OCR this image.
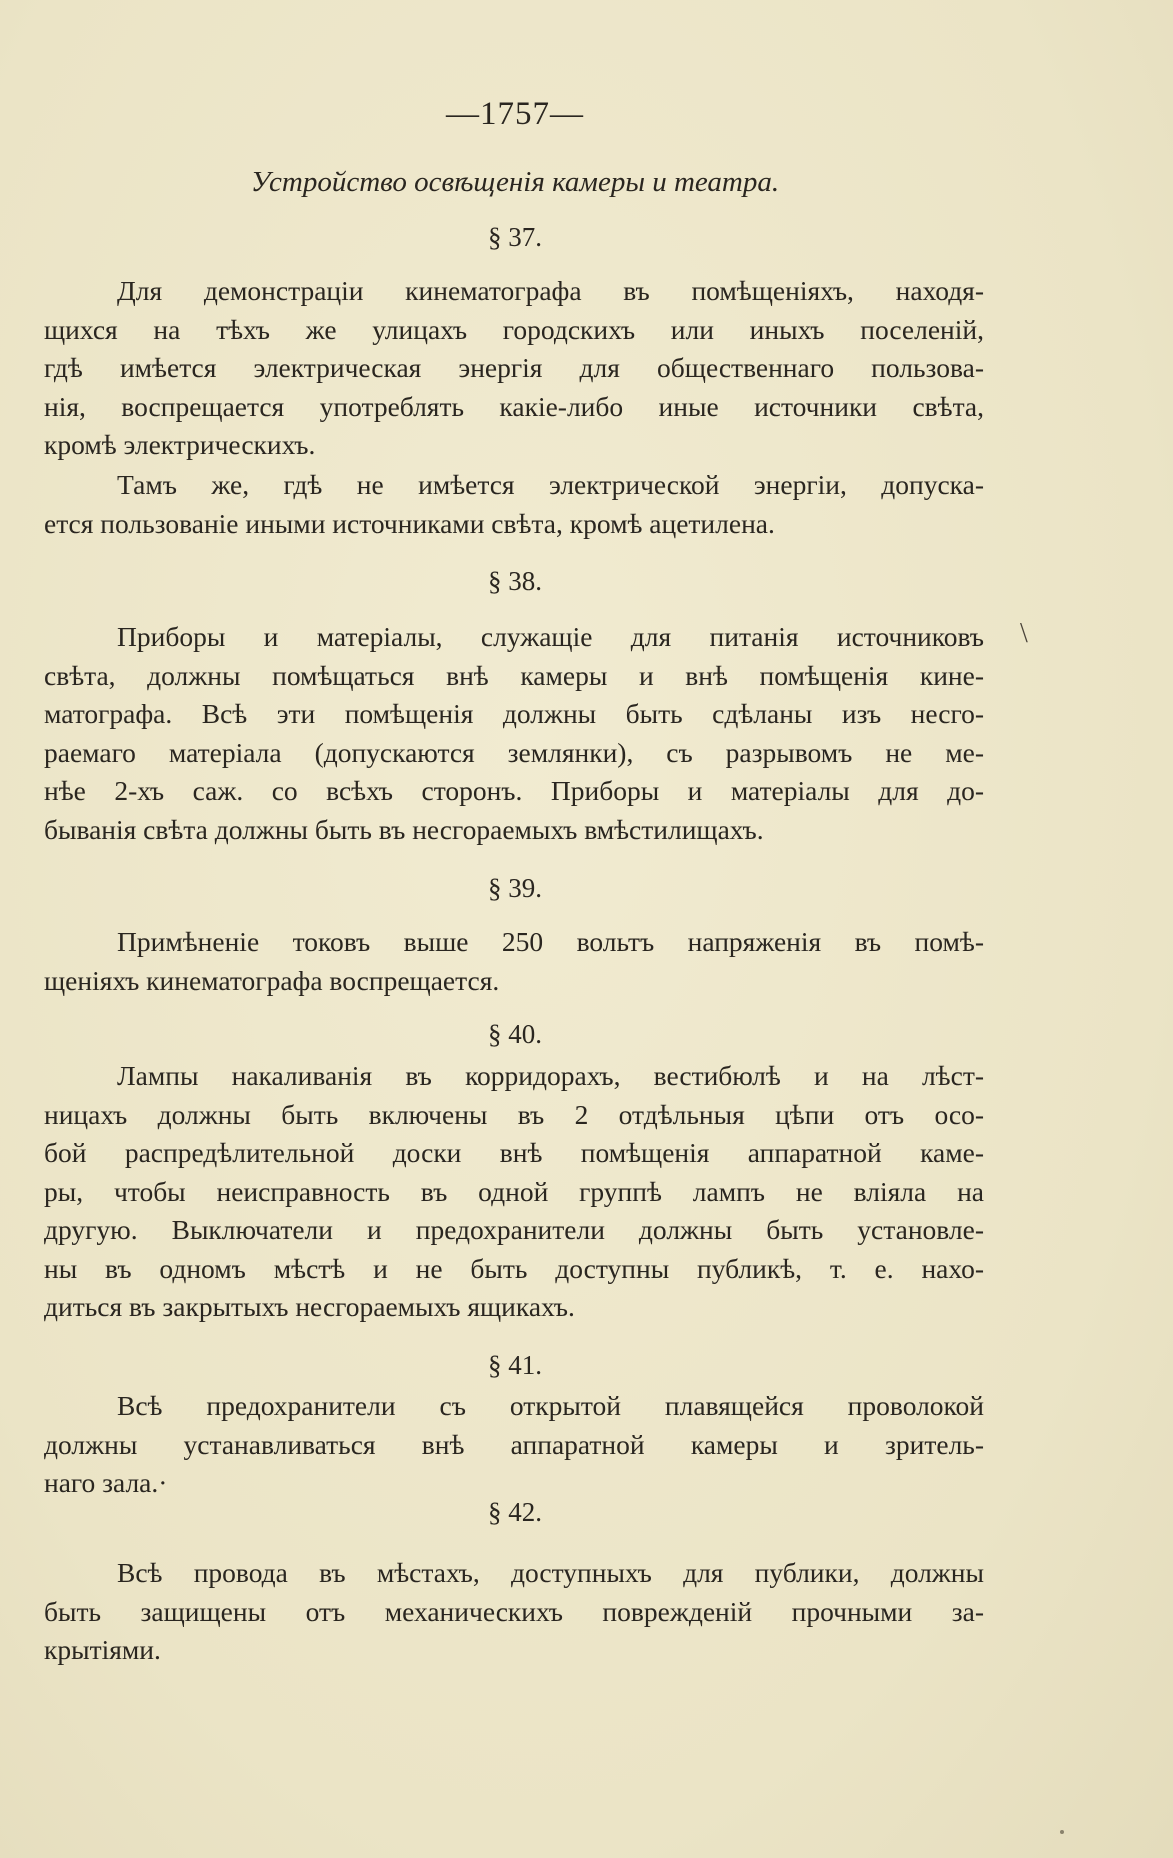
—1757—
Устройство освѣщенія камеры и театра.
§ 37.
Для демонстраціи кинематографа въ помѣщеніяхъ, находя-
щихся на тѣхъ же улицахъ городскихъ или иныхъ поселеній,
гдѣ имѣется электрическая энергія для общественнаго пользова-
нія, воспрещается употреблять какіе-либо иные источники свѣта,
кромѣ электрическихъ.
Тамъ же, гдѣ не имѣется электрической энергіи, допуска-
ется пользованіе иными источниками свѣта, кромѣ ацетилена.
§ 38.
\
Приборы и матеріалы, служащіе для питанія источниковъ
свѣта, должны помѣщаться внѣ камеры и внѣ помѣщенія кине-
матографа. Всѣ эти помѣщенія должны быть сдѣланы изъ несго-
раемаго матеріала (допускаются землянки), съ разрывомъ не ме-
нѣе 2-хъ саж. со всѣхъ сторонъ. Приборы и матеріалы для до-
быванія свѣта должны быть въ несгораемыхъ вмѣстилищахъ.
§ 39.
Примѣненіе токовъ выше 250 вольтъ напряженія въ помѣ-
щеніяхъ кинематографа воспрещается.
§ 40.
Лампы накаливанія въ корридорахъ, вестибюлѣ и на лѣст-
ницахъ должны быть включены въ 2 отдѣльныя цѣпи отъ осо-
бой распредѣлительной доски внѣ помѣщенія аппаратной каме-
ры, чтобы неисправность въ одной группѣ лампъ не вліяла на
другую. Выключатели и предохранители должны быть установле-
ны въ одномъ мѣстѣ и не быть доступны публикѣ, т. е. нахо-
диться въ закрытыхъ несгораемыхъ ящикахъ.
§ 41.
Всѣ предохранители съ открытой плавящейся проволокой
должны устанавливаться внѣ аппаратной камеры и зритель-
наго зала.·
§ 42.
Всѣ провода въ мѣстахъ, доступныхъ для публики, должны
быть защищены отъ механическихъ поврежденій прочными за-
крытіями.
